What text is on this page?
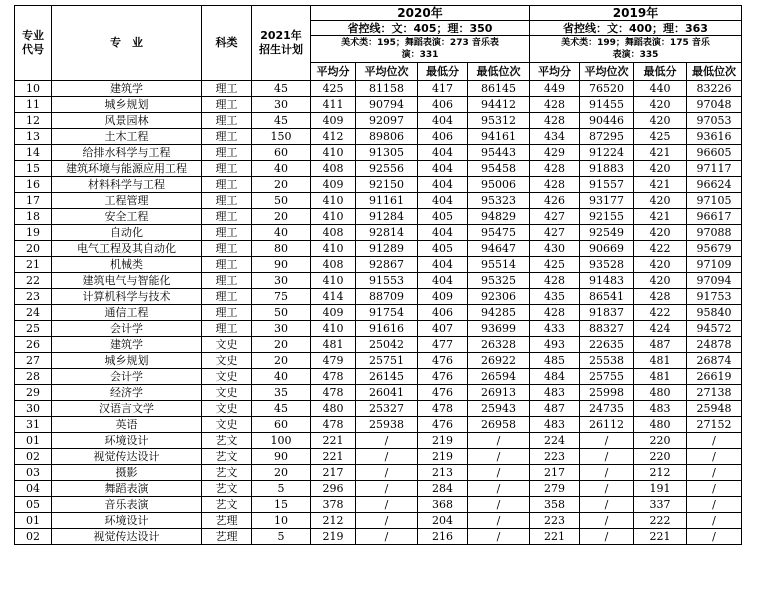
专业代号	专　业	科类	2021年招生计划	2020年				2019年			
				省控线：文：405；理：350				省控线：文：400；理：363			
				美术类：195；舞蹈表演：273 音乐表演：331				美术类：199；舞蹈表演：175 音乐表演：335			
				平均分	平均位次	最低分	最低位次	平均分	平均位次	最低分	最低位次
10	建筑学	理工	45	425	81158	417	86145	449	76520	440	83226
11	城乡规划	理工	30	411	90794	406	94412	428	91455	420	97048
12	风景园林	理工	45	409	92097	404	95312	428	90446	420	97053
13	土木工程	理工	150	412	89806	406	94161	434	87295	425	93616
14	给排水科学与工程	理工	60	410	91305	404	95443	429	91224	421	96605
15	建筑环境与能源应用工程	理工	40	408	92556	404	95458	428	91883	420	97117
16	材料科学与工程	理工	20	409	92150	404	95006	428	91557	421	96624
17	工程管理	理工	50	410	91161	404	95323	426	93177	420	97105
18	安全工程	理工	20	410	91284	405	94829	427	92155	421	96617
19	自动化	理工	40	408	92814	404	95475	427	92549	420	97088
20	电气工程及其自动化	理工	80	410	91289	405	94647	430	90669	422	95679
21	机械类	理工	90	408	92867	404	95514	425	93528	420	97109
22	建筑电气与智能化	理工	30	410	91553	404	95325	428	91483	420	97094
23	计算机科学与技术	理工	75	414	88709	409	92306	435	86541	428	91753
24	通信工程	理工	50	409	91754	406	94285	428	91837	422	95840
25	会计学	理工	30	410	91616	407	93699	433	88327	424	94572
26	建筑学	文史	20	481	25042	477	26328	493	22635	487	24878
27	城乡规划	文史	20	479	25751	476	26922	485	25538	481	26874
28	会计学	文史	40	478	26145	476	26594	484	25755	481	26619
29	经济学	文史	35	478	26041	476	26913	483	25998	480	27138
30	汉语言文学	文史	45	480	25327	478	25943	487	24735	483	25948
31	英语	文史	60	478	25938	476	26958	483	26112	480	27152
01	环境设计	艺文	100	221	/	219	/	224	/	220	/
02	视觉传达设计	艺文	90	221	/	219	/	223	/	220	/
03	摄影	艺文	20	217	/	213	/	217	/	212	/
04	舞蹈表演	艺文	5	296	/	284	/	279	/	191	/
05	音乐表演	艺文	15	378	/	368	/	358	/	337	/
01	环境设计	艺理	10	212	/	204	/	223	/	222	/
02	视觉传达设计	艺理	5	219	/	216	/	221	/	221	/
